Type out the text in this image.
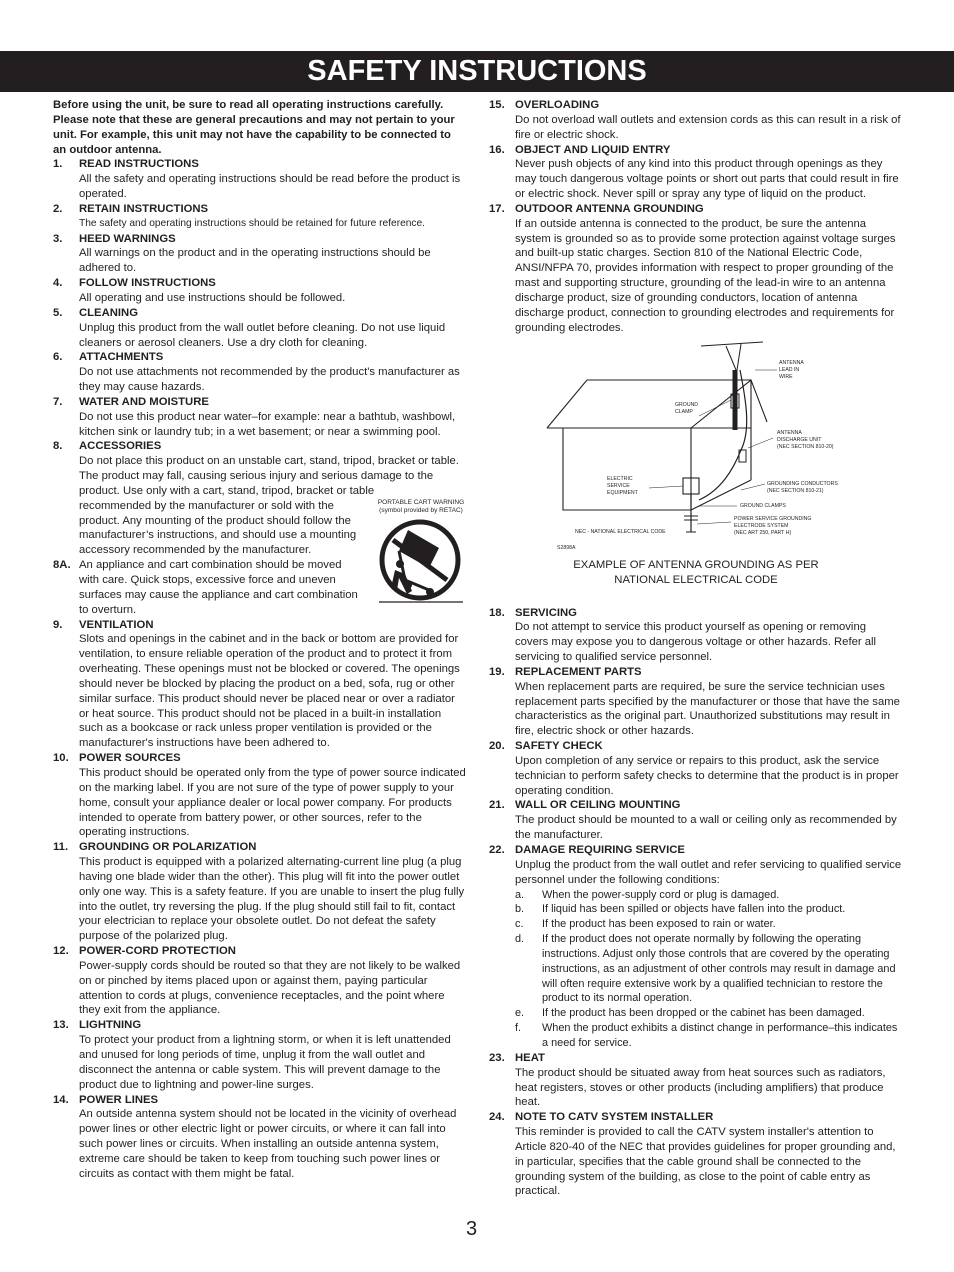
SAFETY INSTRUCTIONS
Before using the unit, be sure to read all operating instructions carefully. Please note that these are general precautions and may not pertain to your unit. For example, this unit may not have the capability to be connected to an outdoor antenna.
1. READ INSTRUCTIONS
All the safety and operating instructions should be read before the product is operated.
2. RETAIN INSTRUCTIONS
The safety and operating instructions should be retained for future reference.
3. HEED WARNINGS
All warnings on the product and in the operating instructions should be adhered to.
4. FOLLOW INSTRUCTIONS
All operating and use instructions should be followed.
5. CLEANING
Unplug this product from the wall outlet before cleaning. Do not use liquid cleaners or aerosol cleaners. Use a dry cloth for cleaning.
6. ATTACHMENTS
Do not use attachments not recommended by the product's manufacturer as they may cause hazards.
7. WATER AND MOISTURE
Do not use this product near water–for example: near a bathtub, washbowl, kitchen sink or laundry tub; in a wet basement; or near a swimming pool.
8. ACCESSORIES
Do not place this product on an unstable cart, stand, tripod, bracket or table. The product may fall, causing serious injury and serious damage to the product. Use only with a cart, stand, tripod, bracket or table
PORTABLE CART WARNING
(symbol provided by RETAC)
recommended by the manufacturer or sold with the product. Any mounting of the product should follow the manufacturer’s instructions, and should use a mounting accessory recommended by the manufacturer.
8A. An appliance and cart combination should be moved with care. Quick stops, excessive force and uneven surfaces may cause the appliance and cart combination to overturn.
9. VENTILATION
Slots and openings in the cabinet and in the back or bottom are provided for ventilation, to ensure reliable operation of the product and to protect it from overheating. These openings must not be blocked or covered. The openings should never be blocked by placing the product on a bed, sofa, rug or other similar surface. This product should never be placed near or over a radiator or heat source. This product should not be placed in a built-in installation such as a bookcase or rack unless proper ventilation is provided or the manufacturer's instructions have been adhered to.
10. POWER SOURCES
This product should be operated only from the type of power source indicated on the marking label. If you are not sure of the type of power supply to your home, consult your appliance dealer or local power company. For products intended to operate from battery power, or other sources, refer to the operating instructions.
11. GROUNDING OR POLARIZATION
This product is equipped with a polarized alternating-current line plug (a plug having one blade wider than the other). This plug will fit into the power outlet only one way. This is a safety feature. If you are unable to insert the plug fully into the outlet, try reversing the plug. If the plug should still fail to fit, contact your electrician to replace your obsolete outlet. Do not defeat the safety purpose of the polarized plug.
12. POWER-CORD PROTECTION
Power-supply cords should be routed so that they are not likely to be walked on or pinched by items placed upon or against them, paying particular attention to cords at plugs, convenience receptacles, and the point where they exit from the appliance.
13. LIGHTNING
To protect your product from a lightning storm, or when it is left unattended and unused for long periods of time, unplug it from the wall outlet and disconnect the antenna or cable system. This will prevent damage to the product due to lightning and power-line surges.
14. POWER LINES
An outside antenna system should not be located in the vicinity of overhead power lines or other electric light or power circuits, or where it can fall into such power lines or circuits. When installing an outside antenna system, extreme care should be taken to keep from touching such power lines or circuits as contact with them might be fatal.
15. OVERLOADING
Do not overload wall outlets and extension cords as this can result in a risk of fire or electric shock.
16. OBJECT AND LIQUID ENTRY
Never push objects of any kind into this product through openings as they may touch dangerous voltage points or short out parts that could result in fire or electric shock. Never spill or spray any type of liquid on the product.
17. OUTDOOR ANTENNA GROUNDING
If an outside antenna is connected to the product, be sure the antenna system is grounded so as to provide some protection against voltage surges and built-up static charges. Section 810 of the National Electric Code, ANSI/NFPA 70, provides information with respect to proper grounding of the mast and supporting structure, grounding of the lead-in wire to an antenna discharge product, size of grounding conductors, location of antenna discharge product, connection to grounding electrodes and requirements for grounding electrodes.
ANTENNA LEAD IN WIRE GROUND CLAMP ANTENNA DISCHARGE UNIT (NEC SECTION 810-20) ELECTRIC SERVICE EQUIPMENT GROUNDING CONDUCTORS (NEC SECTION 810-21) GROUND CLAMPS POWER SERVICE GROUNDING ELECTRODE SYSTEM (NEC ART 250, PART H) NEC - NATIONAL ELECTRICAL CODE S2898A
EXAMPLE OF ANTENNA GROUNDING AS PER
NATIONAL ELECTRICAL CODE
18. SERVICING
Do not attempt to service this product yourself as opening or removing covers may expose you to dangerous voltage or other hazards. Refer all servicing to qualified service personnel.
19. REPLACEMENT PARTS
When replacement parts are required, be sure the service technician uses replacement parts specified by the manufacturer or those that have the same characteristics as the original part. Unauthorized substitutions may result in fire, electric shock or other hazards.
20. SAFETY CHECK
Upon completion of any service or repairs to this product, ask the service technician to perform safety checks to determine that the product is in proper operating condition.
21. WALL OR CEILING MOUNTING
The product should be mounted to a wall or ceiling only as recommended by the manufacturer.
22. DAMAGE REQUIRING SERVICE
Unplug the product from the wall outlet and refer servicing to qualified service personnel under the following conditions:
a. When the power-supply cord or plug is damaged.
b. If liquid has been spilled or objects have fallen into the product.
c. If the product has been exposed to rain or water.
d. If the product does not operate normally by following the operating instructions. Adjust only those controls that are covered by the operating instructions, as an adjustment of other controls may result in damage and will often require extensive work by a qualified technician to restore the product to its normal operation.
e. If the product has been dropped or the cabinet has been damaged.
f. When the product exhibits a distinct change in performance–this indicates a need for service.
23. HEAT
The product should be situated away from heat sources such as radiators, heat registers, stoves or other products (including amplifiers) that produce heat.
24. NOTE TO CATV SYSTEM INSTALLER
This reminder is provided to call the CATV system installer's attention to Article 820-40 of the NEC that provides guidelines for proper grounding and, in particular, specifies that the cable ground shall be connected to the grounding system of the building, as close to the point of cable entry as practical.
3
